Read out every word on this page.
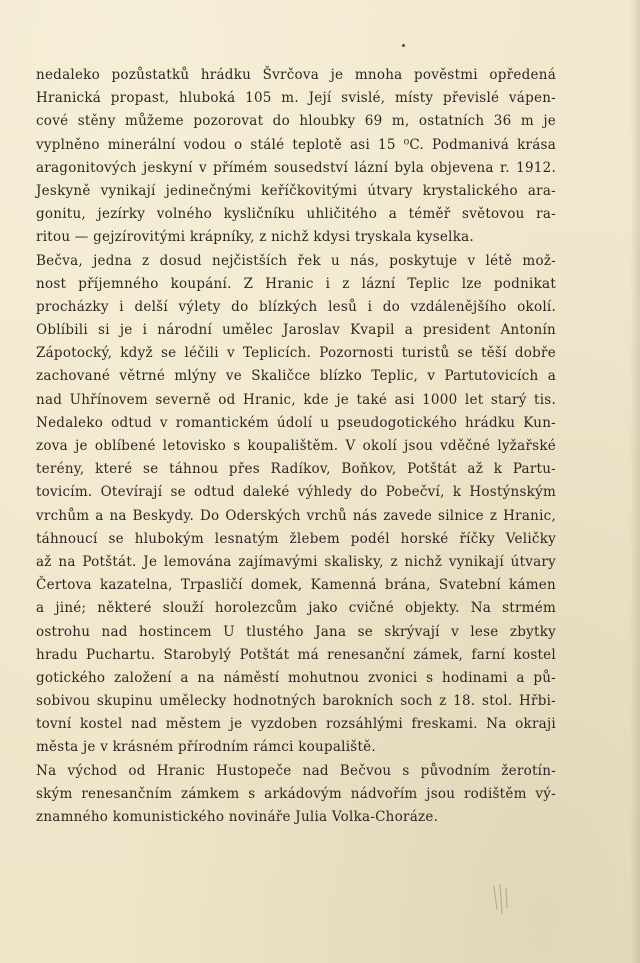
nedaleko pozůstatků hrádku Švrčova je mnoha pověstmi opředená
Hranická propast, hluboká 105 m. Její svislé, místy převislé vápen-
cové stěny můžeme pozorovat do hloubky 69 m, ostatních 36 m je
vyplněno minerální vodou o stálé teplotě asi 15 ⁰C. Podmanivá krása
aragonitových jeskyní v přímém sousedství lázní byla objevena r. 1912.
Jeskyně vynikají jedinečnými keříčkovitými útvary krystalického ara-
gonitu, jezírky volného kysličníku uhličitého a téměř světovou ra-
ritou — gejzírovitými krápníky, z nichž kdysi tryskala kyselka.
Bečva, jedna z dosud nejčistších řek u nás, poskytuje v létě mož-
nost příjemného koupání. Z Hranic i z lázní Teplic lze podnikat
procházky i delší výlety do blízkých lesů i do vzdálenějšího okolí.
Oblíbili si je i národní umělec Jaroslav Kvapil a president Antonín
Zápotocký, když se léčili v Teplicích. Pozornosti turistů se těší dobře
zachované větrné mlýny ve Skaličce blízko Teplic, v Partutovicích a
nad Uhřínovem severně od Hranic, kde je také asi 1000 let starý tis.
Nedaleko odtud v romantickém údolí u pseudogotického hrádku Kun-
zova je oblíbené letovisko s koupalištěm. V okolí jsou vděčné lyžařské
terény, které se táhnou přes Radíkov, Boňkov, Potštát až k Partu-
tovicím. Otevírají se odtud daleké výhledy do Pobečví, k Hostýnským
vrchům a na Beskydy. Do Oderských vrchů nás zavede silnice z Hranic,
táhnoucí se hlubokým lesnatým žlebem podél horské říčky Veličky
až na Potštát. Je lemována zajímavými skalisky, z nichž vynikají útvary
Čertova kazatelna, Trpasličí domek, Kamenná brána, Svatební kámen
a jiné; některé slouží horolezcům jako cvičné objekty. Na strmém
ostrohu nad hostincem U tlustého Jana se skrývají v lese zbytky
hradu Puchartu. Starobylý Potštát má renesanční zámek, farní kostel
gotického založení a na náměstí mohutnou zvonici s hodinami a pů-
sobivou skupinu umělecky hodnotných barokních soch z 18. stol. Hřbi-
tovní kostel nad městem je vyzdoben rozsáhlými freskami. Na okraji
města je v krásném přírodním rámci koupaliště.
Na východ od Hranic Hustopeče nad Bečvou s původním žerotín-
ským renesančním zámkem s arkádovým nádvořím jsou rodištěm vý-
znamného komunistického novináře Julia Volka-Choráze.
